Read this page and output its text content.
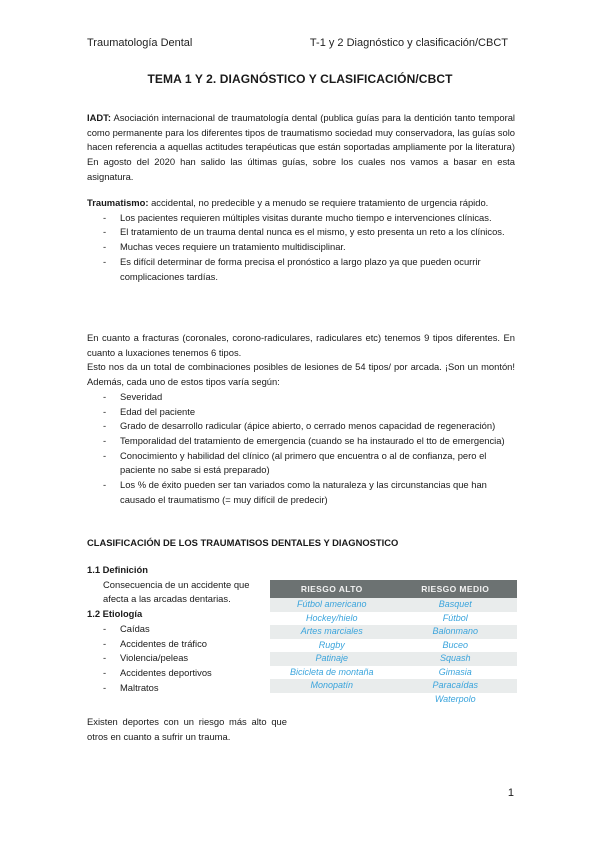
Traumatología Dental	T-1 y 2 Diagnóstico y clasificación/CBCT
TEMA 1 Y 2. DIAGNÓSTICO Y CLASIFICACIÓN/CBCT
IADT: Asociación internacional de traumatología dental (publica guías para la dentición tanto temporal como permanente para los diferentes tipos de traumatismo sociedad muy conservadora, las guías solo hacen referencia a aquellas actitudes terapéuticas que están soportadas ampliamente por la literatura) En agosto del 2020 han salido las últimas guías, sobre los cuales nos vamos a basar en esta asignatura.
Traumatismo: accidental, no predecible y a menudo se requiere tratamiento de urgencia rápido.
- Los pacientes requieren múltiples visitas durante mucho tiempo e intervenciones clínicas.
- El tratamiento de un trauma dental nunca es el mismo, y esto presenta un reto a los clínicos.
- Muchas veces requiere un tratamiento multidisciplinar.
- Es difícil determinar de forma precisa el pronóstico a largo plazo ya que pueden ocurrir complicaciones tardías.
En cuanto a fracturas (coronales, corono-radiculares, radiculares etc) tenemos 9 tipos diferentes. En cuanto a luxaciones tenemos 6 tipos.
Esto nos da un total de combinaciones posibles de lesiones de 54 tipos/ por arcada. ¡Son un montón! Además, cada uno de estos tipos varía según:
- Severidad
- Edad del paciente
- Grado de desarrollo radicular (ápice abierto, o cerrado menos capacidad de regeneración)
- Temporalidad del tratamiento de emergencia (cuando se ha instaurado el tto de emergencia)
- Conocimiento y habilidad del clínico (al primero que encuentra o al de confianza, pero el paciente no sabe si está preparado)
- Los % de éxito pueden ser tan variados como la naturaleza y las circunstancias que han causado el traumatismo (= muy difícil de predecir)
CLASIFICACIÓN DE LOS TRAUMATISOS DENTALES Y DIAGNOSTICO
1.1 Definición
Consecuencia de un accidente que afecta a las arcadas dentarias.
1.2 Etiología
- Caídas
- Accidentes de tráfico
- Violencia/peleas
- Accidentes deportivos
- Maltratos
RIESGO ALTO	RIESGO MEDIO
Fútbol americano
Hockey/hielo
Artes marciales
Rugby
Patinaje
Bicicleta de montaña
Monopatín
Basquet
Fútbol
Balonmano
Buceo
Squash
Gimasia
Paracaídas
Waterpolo
Existen deportes con un riesgo más alto que otros en cuanto a sufrir un trauma.
1
